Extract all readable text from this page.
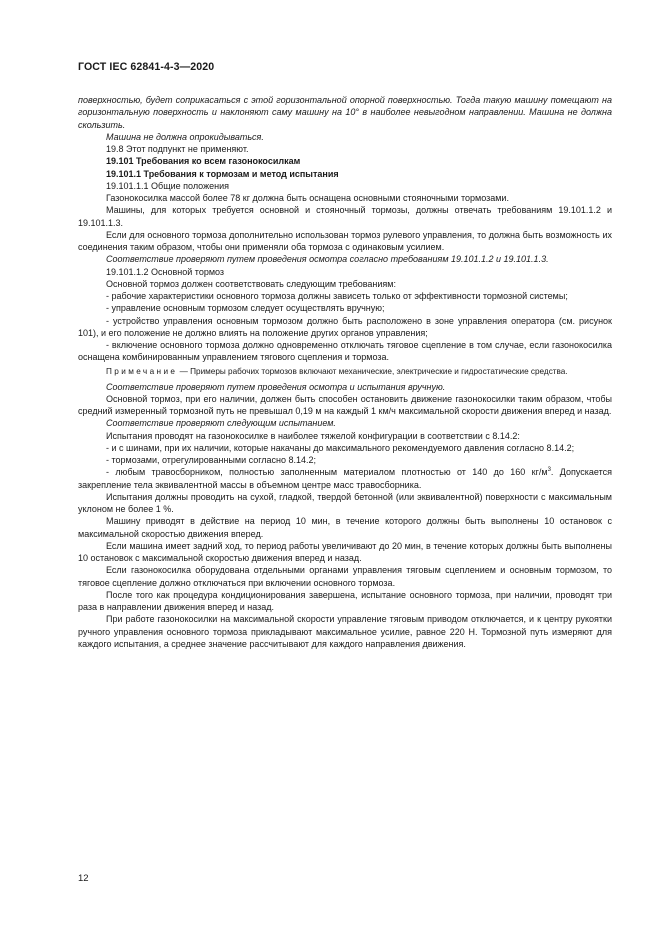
ГОСТ IEC 62841-4-3—2020

поверхностью, будет соприкасаться с этой горизонтальной опорной поверхностью. Тогда такую машину помещают на горизонтальную поверхность и наклоняют саму машину на 10° в наиболее невыгодном направлении. Машина не должна скользить.

Машина не должна опрокидываться.

19.8 Этот подпункт не применяют.

19.101 Требования ко всем газонокосилкам

19.101.1 Требования к тормозам и метод испытания

19.101.1.1 Общие положения

Газонокосилка массой более 78 кг должна быть оснащена основными стояночными тормозами.

Машины, для которых требуется основной и стояночный тормозы, должны отвечать требованиям 19.101.1.2 и 19.101.1.3.

Если для основного тормоза дополнительно использован тормоз рулевого управления, то должна быть возможность их соединения таким образом, чтобы они применяли оба тормоза с одинаковым усилием.

Соответствие проверяют путем проведения осмотра согласно требованиям 19.101.1.2 и 19.101.1.3.

19.101.1.2 Основной тормоз

Основной тормоз должен соответствовать следующим требованиям:

- рабочие характеристики основного тормоза должны зависеть только от эффективности тормозной системы;

- управление основным тормозом следует осуществлять вручную;

- устройство управления основным тормозом должно быть расположено в зоне управления оператора (см. рисунок 101), и его положение не должно влиять на положение других органов управления;

- включение основного тормоза должно одновременно отключать тяговое сцепление в том случае, если газонокосилка оснащена комбинированным управлением тягового сцепления и тормоза.

Примечание — Примеры рабочих тормозов включают механические, электрические и гидростатические средства.

Соответствие проверяют путем проведения осмотра и испытания вручную.

Основной тормоз, при его наличии, должен быть способен остановить движение газонокосилки таким образом, чтобы средний измеренный тормозной путь не превышал 0,19 м на каждый 1 км/ч максимальной скорости движения вперед и назад.

Соответствие проверяют следующим испытанием.

Испытания проводят на газонокосилке в наиболее тяжелой конфигурации в соответствии с 8.14.2:

- и с шинами, при их наличии, которые накачаны до максимального рекомендуемого давления согласно 8.14.2;

- тормозами, отрегулированными согласно 8.14.2;

- любым травосборником, полностью заполненным материалом плотностью от 140 до 160 $кг/м^3$. Допускается закрепление тела эквивалентной массы в объемном центре масс травосборника.

Испытания должны проводить на сухой, гладкой, твердой бетонной (или эквивалентной) поверхности с максимальным уклоном не более 1 %.

Машину приводят в действие на период 10 мин, в течение которого должны быть выполнены 10 остановок с максимальной скоростью движения вперед.

Если машина имеет задний ход, то период работы увеличивают до 20 мин, в течение которых должны быть выполнены 10 остановок с максимальной скоростью движения вперед и назад.

Если газонокосилка оборудована отдельными органами управления тяговым сцеплением и основным тормозом, то тяговое сцепление должно отключаться при включении основного тормоза.

После того как процедура кондиционирования завершена, испытание основного тормоза, при наличии, проводят три раза в направлении движения вперед и назад.

При работе газонокосилки на максимальной скорости управление тяговым приводом отключается, и к центру рукоятки ручного управления основного тормоза прикладывают максимальное усилие, равное 220 Н. Тормозной путь измеряют для каждого испытания, а среднее значение рассчитывают для каждого направления движения.

12
